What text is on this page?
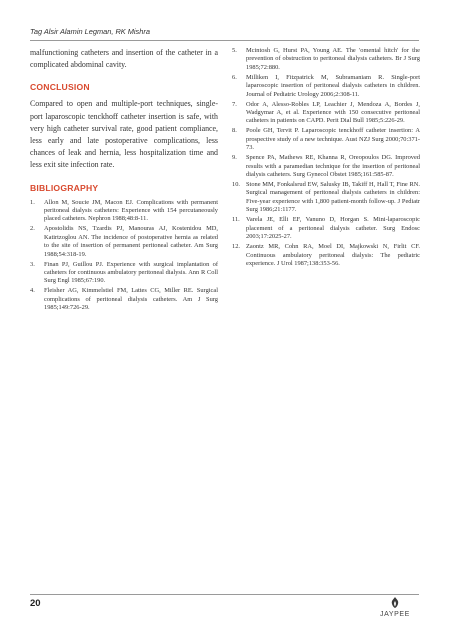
Tag Alsir Alamin Legman, RK Mishra

malfunctioning catheters and insertion of the catheter in a complicated abdominal cavity.

CONCLUSION

Compared to open and multiple-port techniques, single-port laparoscopic tenckhoff catheter insertion is safe, with very high catheter survival rate, good patient compliance, less early and late postoperative complications, less chances of leak and hernia, less hospitalization time and less exit site infection rate.

BIBLIOGRAPHY
1.	Allon M, Soucie JM, Macon EJ. Complications with permanent peritoneal dialysis catheters: Experience with 154 percutaneously placed catheters. Nephron 1988;48:8-11.
2.	Apostolidis NS, Tzardis PJ, Manouras AJ, Kostenidou MD, Katirtzoglou AN. The incidence of postoperative hernia as related to the site of insertion of permanent peritoneal catheter. Am Surg 1988;54:318-19.
3.	Finan PJ, Guillou PJ. Experience with surgical implantation of catheters for continuous ambulatory peritoneal dialysis. Ann R Coll Surg Engl 1985;67:190.
4.	Fleisher AG, Kimmelstiel FM, Lattes CG, Miller RE. Surgical complications of peritoneal dialysis catheters. Am J Surg 1985;149:726-29.
5.	Mcintosh G, Hurst PA, Young AE. The 'omental hitch' for the prevention of obstruction to peritoneal dialysis catheters. Br J Surg 1985;72:880.
6.	Milliken I, Fitzpatrick M, Subramaniam R. Single-port laparoscopic insertion of peritoneal dialysis catheters in children. Journal of Pediatric Urology 2006;2:308-11.
7.	Odor A, Alesso-Robles LP, Leachier J, Mendoza A, Bordes J, Wadgymar A, et al. Experience with 150 consecutive peritoneal catheters in patients on CAPD. Perit Dial Bull 1985;5:226-29.
8.	Poole GH, Tervit P. Laparoscopic tenckhoff catheter insertion: A prospective study of a new technique. Aust NZJ Surg 2000;70:371-73.
9.	Spence PA, Mathews RE, Khanna R, Oreopoulos DG. Improved results with a paramedian technique for the insertion of peritoneal dialysis catheters. Surg Gynecol Obstet 1985;161:585-87.
10. Stone MM, Fonkalsrud EW, Salusky IB, Takiff H, Hall T, Fine RN. Surgical management of peritoneal dialysis catheters in children: Five-year experience with 1,800 patient-month follow-up. J Pediatr Surg 1986;21:1177.
11. Varela JE, Elli EF, Vanuno D, Horgan S. Mini-laparoscopic placement of a peritoneal dialysis catheter. Surg Endosc 2003;17:2025-27.
12. Zaontz MR, Cohn RA, Moel DI, Majkowski N, Firlit CF. Continuous ambulatory peritoneal dialysis: The pediatric experience. J Urol 1987;138:353-56.
20
JAYPEE
